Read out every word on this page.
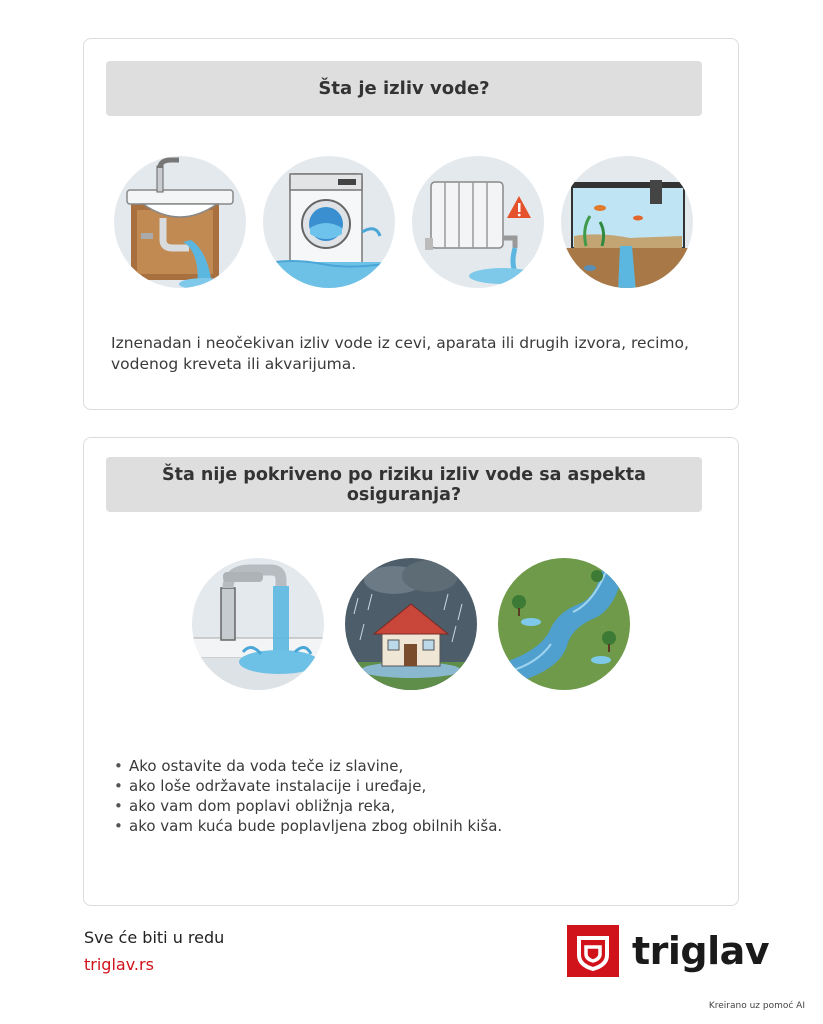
Šta je izliv vode?

Iznenadan i neočekivan izliv vode iz cevi, aparata ili drugih izvora, recimo, vodenog kreveta ili akvarijuma.

Šta nije pokriveno po riziku izliv vode sa aspekta osiguranja?
• Ako ostavite da voda teče iz slavine,
• ako loše održavate instalacije i uređaje,
• ako vam dom poplavi obližnja reka,
• ako vam kuća bude poplavljena zbog obilnih kiša.
Sve će biti u redu
triglav.rs	triglav
Kreirano uz pomoć AI
